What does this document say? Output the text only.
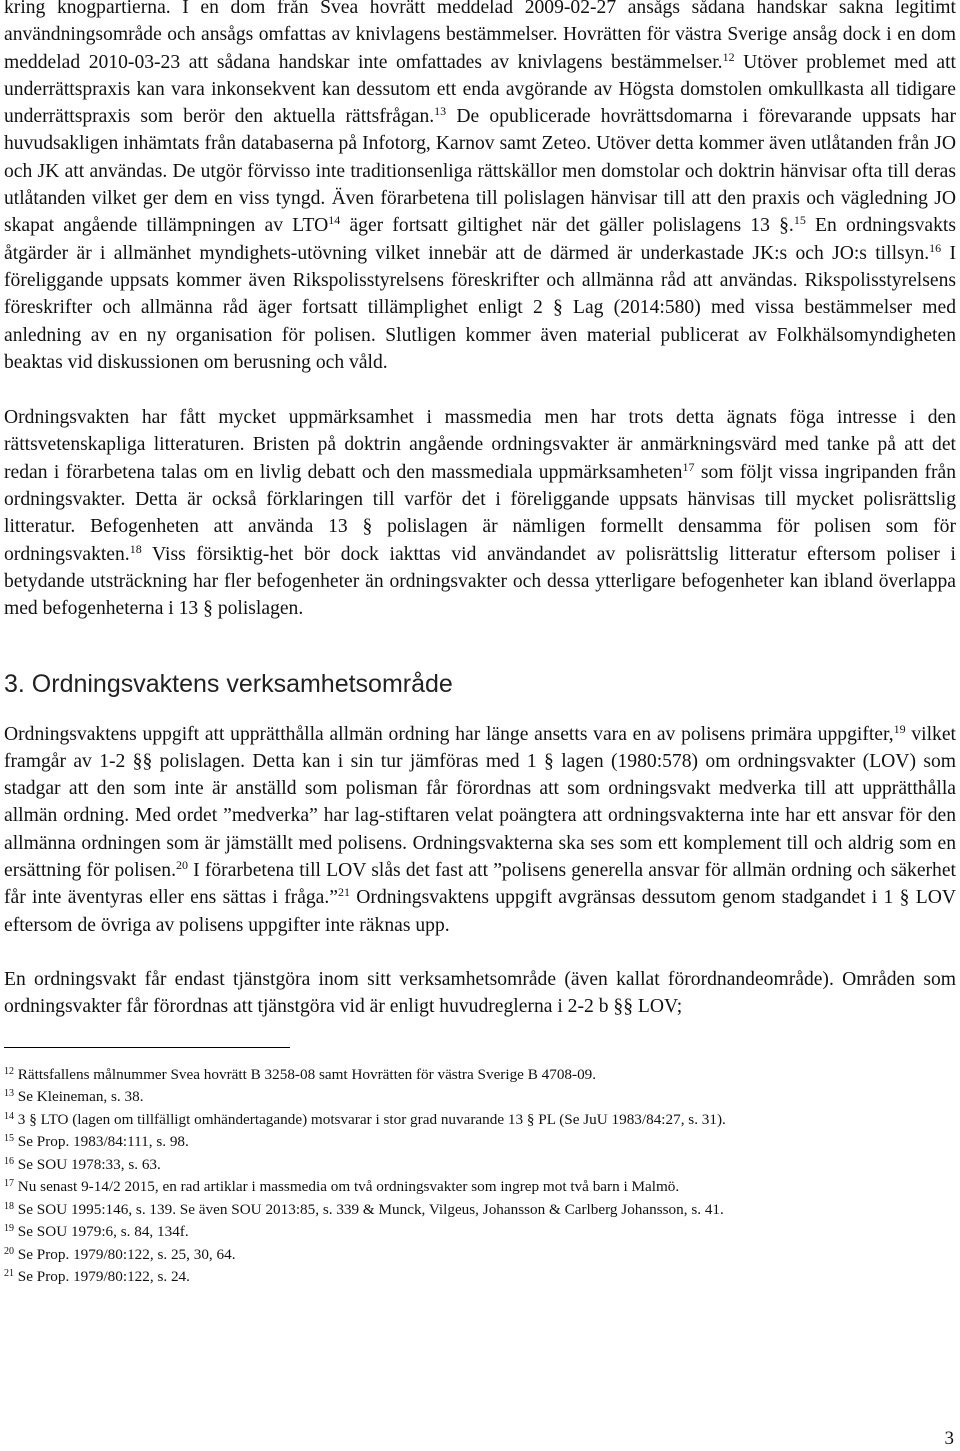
kring knogpartierna. I en dom från Svea hovrätt meddelad 2009-02-27 ansågs sådana handskar sakna legitimt användningsområde och ansågs omfattas av knivlagens bestämmelser. Hovrätten för västra Sverige ansåg dock i en dom meddelad 2010-03-23 att sådana handskar inte omfattades av knivlagens bestämmelser.$^{12}$ Utöver problemet med att underrättspraxis kan vara inkonsekvent kan dessutom ett enda avgörande av Högsta domstolen omkullkasta all tidigare underrättspraxis som berör den aktuella rättsfrågan.$^{13}$ De opublicerade hovrättsdomarna i förevarande uppsats har huvudsakligen inhämtats från databaserna på Infotorg, Karnov samt Zeteo. Utöver detta kommer även utlåtanden från JO och JK att användas. De utgör förvisso inte traditionsenliga rättskällor men domstolar och doktrin hänvisar ofta till deras utlåtanden vilket ger dem en viss tyngd. Även förarbetena till polislagen hänvisar till att den praxis och vägledning JO skapat angående tillämpningen av LTO$^{14}$ äger fortsatt giltighet när det gäller polislagens 13 §.$^{15}$ En ordningsvakts åtgärder är i allmänhet myndighets-utövning vilket innebär att de därmed är underkastade JK:s och JO:s tillsyn.$^{16}$ I föreliggande uppsats kommer även Rikspolisstyrelsens föreskrifter och allmänna råd att användas. Rikspolisstyrelsens föreskrifter och allmänna råd äger fortsatt tillämplighet enligt 2 § Lag (2014:580) med vissa bestämmelser med anledning av en ny organisation för polisen. Slutligen kommer även material publicerat av Folkhälsomyndigheten beaktas vid diskussionen om berusning och våld.

Ordningsvakten har fått mycket uppmärksamhet i massmedia men har trots detta ägnats föga intresse i den rättsvetenskapliga litteraturen. Bristen på doktrin angående ordningsvakter är anmärkningsvärd med tanke på att det redan i förarbetena talas om en livlig debatt och den massmediala uppmärksamheten$^{17}$ som följt vissa ingripanden från ordningsvakter. Detta är också förklaringen till varför det i föreliggande uppsats hänvisas till mycket polisrättslig litteratur. Befogenheten att använda 13 § polislagen är nämligen formellt densamma för polisen som för ordningsvakten.$^{18}$ Viss försiktig-het bör dock iakttas vid användandet av polisrättslig litteratur eftersom poliser i betydande utsträckning har fler befogenheter än ordningsvakter och dessa ytterligare befogenheter kan ibland överlappa med befogenheterna i 13 § polislagen.

3. Ordningsvaktens verksamhetsområde

Ordningsvaktens uppgift att upprätthålla allmän ordning har länge ansetts vara en av polisens primära uppgifter,$^{19}$ vilket framgår av 1-2 §§ polislagen. Detta kan i sin tur jämföras med 1 § lagen (1980:578) om ordningsvakter (LOV) som stadgar att den som inte är anställd som polisman får förordnas att som ordningsvakt medverka till att upprätthålla allmän ordning. Med ordet ”medverka” har lag-stiftaren velat poängtera att ordningsvakterna inte har ett ansvar för den allmänna ordningen som är jämställt med polisens. Ordningsvakterna ska ses som ett komplement till och aldrig som en ersättning för polisen.$^{20}$ I förarbetena till LOV slås det fast att ”polisens generella ansvar för allmän ordning och säkerhet får inte äventyras eller ens sättas i fråga.”$^{21}$ Ordningsvaktens uppgift avgränsas dessutom genom stadgandet i 1 § LOV eftersom de övriga av polisens uppgifter inte räknas upp.

En ordningsvakt får endast tjänstgöra inom sitt verksamhetsområde (även kallat förordnandeområde). Områden som ordningsvakter får förordnas att tjänstgöra vid är enligt huvudreglerna i 2-2 b §§ LOV;

$^{12}$ Rättsfallens målnummer Svea hovrätt B 3258-08 samt Hovrätten för västra Sverige B 4708-09.

$^{13}$ Se Kleineman, s. 38.

$^{14}$ 3 § LTO (lagen om tillfälligt omhändertagande) motsvarar i stor grad nuvarande 13 § PL (Se JuU 1983/84:27, s. 31).

$^{15}$ Se Prop. 1983/84:111, s. 98.

$^{16}$ Se SOU 1978:33, s. 63.

$^{17}$ Nu senast 9-14/2 2015, en rad artiklar i massmedia om två ordningsvakter som ingrep mot två barn i Malmö.

$^{18}$ Se SOU 1995:146, s. 139. Se även SOU 2013:85, s. 339 & Munck, Vilgeus, Johansson & Carlberg Johansson, s. 41.

$^{19}$ Se SOU 1979:6, s. 84, 134f.

$^{20}$ Se Prop. 1979/80:122, s. 25, 30, 64.

$^{21}$ Se Prop. 1979/80:122, s. 24.

3
